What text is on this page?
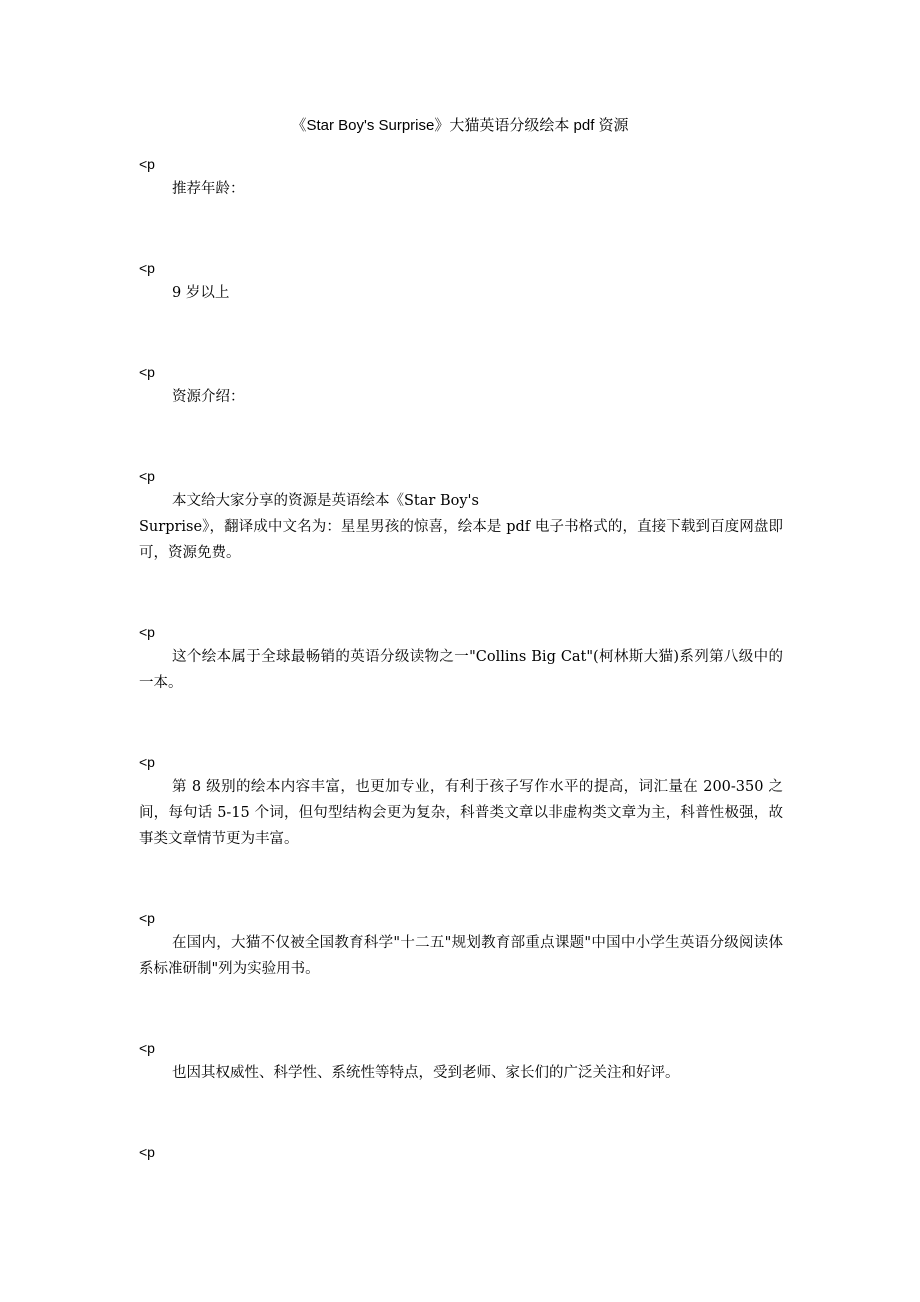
《Star Boy's Surprise》大猫英语分级绘本 pdf 资源
<p

推荐年龄：

<p

9 岁以上

<p

资源介绍：

<p

本文给大家分享的资源是英语绘本《Star Boy's

Surprise》，翻译成中文名为：星星男孩的惊喜，绘本是 pdf 电子书格式的，直接下载到百度网盘即可，资源免费。

<p

这个绘本属于全球最畅销的英语分级读物之一"Collins Big Cat"(柯林斯大猫)系列第八级中的一本。

<p

第 8 级别的绘本内容丰富，也更加专业，有利于孩子写作水平的提高，词汇量在 200-350 之间，每句话 5-15 个词，但句型结构会更为复杂，科普类文章以非虚构类文章为主，科普性极强，故事类文章情节更为丰富。

<p

在国内，大猫不仅被全国教育科学"十二五"规划教育部重点课题"中国中小学生英语分级阅读体系标准研制"列为实验用书。

<p

也因其权威性、科学性、系统性等特点，受到老师、家长们的广泛关注和好评。

<p
